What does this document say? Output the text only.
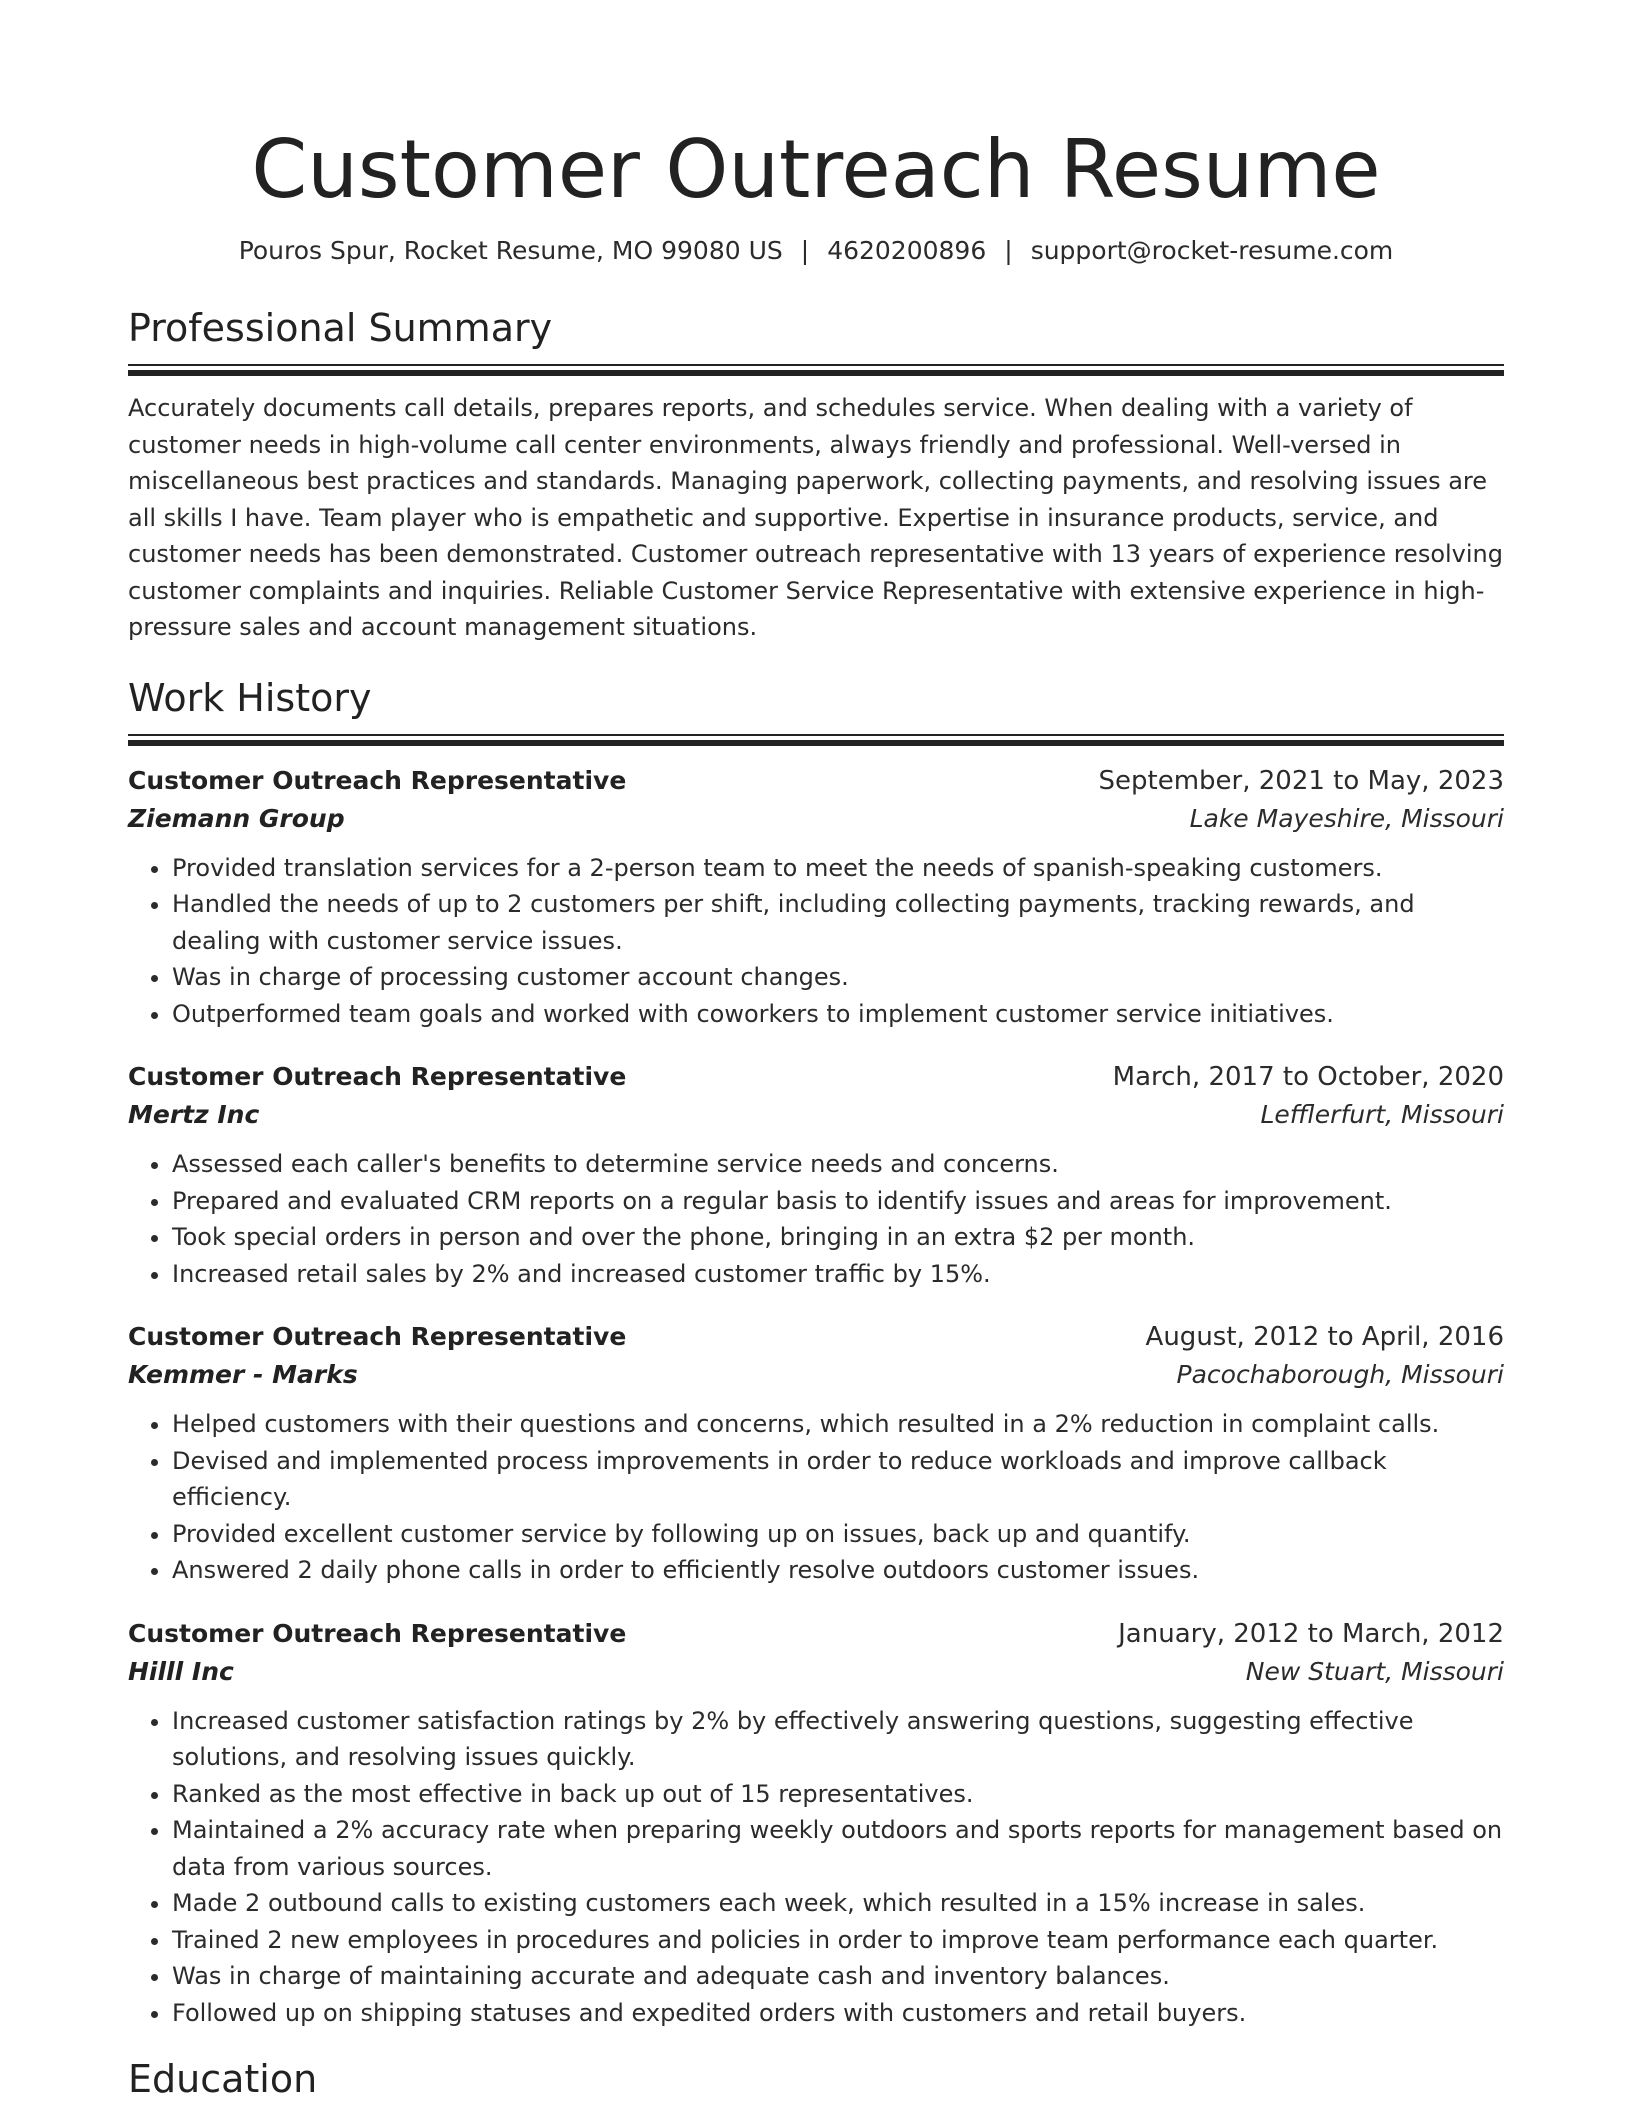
Customer Outreach Resume
Pouros Spur, Rocket Resume, MO 99080 US | 4620200896 | support@rocket-resume.com
Professional Summary

Accurately documents call details, prepares reports, and schedules service. When dealing with a variety of customer needs in high-volume call center environments, always friendly and professional. Well-versed in miscellaneous best practices and standards. Managing paperwork, collecting payments, and resolving issues are all skills I have. Team player who is empathetic and supportive. Expertise in insurance products, service, and customer needs has been demonstrated. Customer outreach representative with 13 years of experience resolving customer complaints and inquiries. Reliable Customer Service Representative with extensive experience in high-pressure sales and account management situations.

Work History
Customer Outreach Representative	September, 2021 to May, 2023
Ziemann Group	Lake Mayeshire, Missouri
• Provided translation services for a 2-person team to meet the needs of spanish-speaking customers.
• Handled the needs of up to 2 customers per shift, including collecting payments, tracking rewards, and dealing with customer service issues.
• Was in charge of processing customer account changes.
• Outperformed team goals and worked with coworkers to implement customer service initiatives.
Customer Outreach Representative	March, 2017 to October, 2020
Mertz Inc	Lefflerfurt, Missouri
• Assessed each caller's benefits to determine service needs and concerns.
• Prepared and evaluated CRM reports on a regular basis to identify issues and areas for improvement.
• Took special orders in person and over the phone, bringing in an extra $2 per month.
• Increased retail sales by 2% and increased customer traffic by 15%.
Customer Outreach Representative	August, 2012 to April, 2016
Kemmer - Marks	Pacochaborough, Missouri
• Helped customers with their questions and concerns, which resulted in a 2% reduction in complaint calls.
• Devised and implemented process improvements in order to reduce workloads and improve callback efficiency.
• Provided excellent customer service by following up on issues, back up and quantify.
• Answered 2 daily phone calls in order to efficiently resolve outdoors customer issues.
Customer Outreach Representative	January, 2012 to March, 2012
Hilll Inc	New Stuart, Missouri
• Increased customer satisfaction ratings by 2% by effectively answering questions, suggesting effective solutions, and resolving issues quickly.
• Ranked as the most effective in back up out of 15 representatives.
• Maintained a 2% accuracy rate when preparing weekly outdoors and sports reports for management based on data from various sources.
• Made 2 outbound calls to existing customers each week, which resulted in a 15% increase in sales.
• Trained 2 new employees in procedures and policies in order to improve team performance each quarter.
• Was in charge of maintaining accurate and adequate cash and inventory balances.
• Followed up on shipping statuses and expedited orders with customers and retail buyers.
Education
